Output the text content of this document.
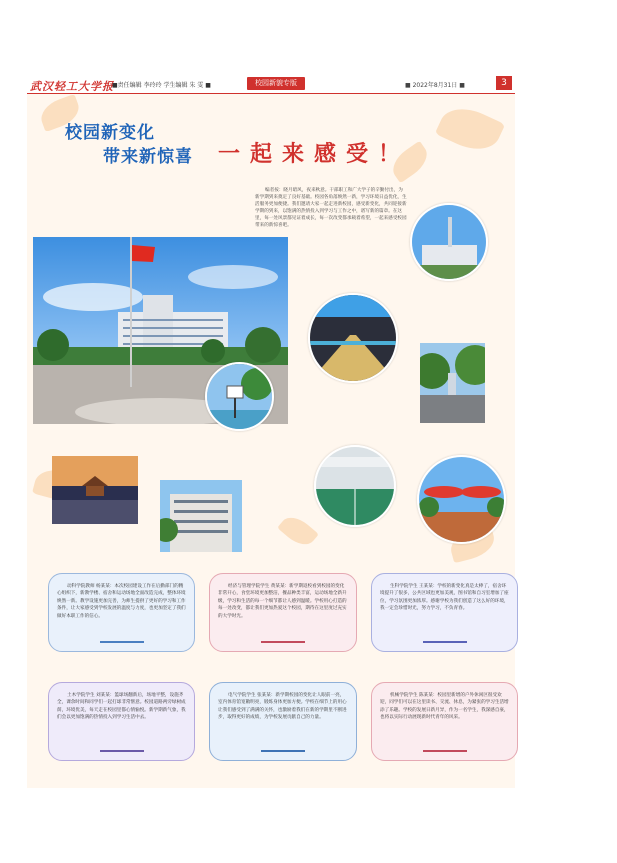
武汉轻工大学报
■责任编辑 李玲玲 学生编辑 朱 雯 ■	校园新貌专版	■ 2022年8月31日 ■	3
校园新变化
带来新惊喜 一起来感受！
编者按：晓月暗风，夜来秋意。干部职工和广大学子的辛勤付出，为新学期到来奠定了良好基础。校园各角落焕然一新，学习环境日益优化，生活服务更加便捷。我们邀请大家一起走进新校园，感受新变化，共同迎接新学期的到来，以饱满的热情投入到学习与工作之中，谱写新的篇章。在这里，每一处风景都见证着成长，每一次改变都承载着希望，一起来感受校园带来的新惊喜吧。

动科学院教师 杨某某：本次校园建设工作在后勤部门的精心组织下，新教学楼、宿舍和运动场地全面改造完成，整体环境焕然一新。教学设施更加完善，为师生提供了更好的学习和工作条件，让大家感受到学校发展的温度与力度，也更加坚定了我们做好本职工作的信心。

经济与管理学院学生 黄某某：新学期返校看到校园的变化非常开心，食堂环境更加整洁，餐品种类丰富，运动场地全新升级，学习和生活的每一个细节都让人感到温暖。学校用心打造的每一处改变，都让我们更加热爱这个校园，期待在这里度过充实的大学时光。

生科学院学生 王某某：学校的新变化真是太棒了，宿舍环境提升了很多，公共区域也更加美观，图书馆和自习室增加了座位，学习氛围更加浓厚。感谢学校为我们创造了这么好的环境，我一定会珍惜时光，努力学习，不负青春。

土木学院学生 刘某某：篮球场翻新后，场地平整，设施齐全，课余时间和同学们一起打球非常惬意。校园道路两旁绿树成荫，环境优美，每天走在校园里都心情愉悦。新学期新气象，我们会以更加饱满的热情投入到学习生活中去。

电气学院学生 张某某：新学期校园的变化让人眼前一亮，室内体育馆宽敞明亮，锻炼身体更加方便。学校在细节上的用心让我们感受到了满满的关怀，也激励着我们在新的学期里不断进步，取得更好的成绩，为学校发展贡献自己的力量。

机械学院学生 陈某某：校园里新增的户外休闲区很受欢迎，同学们可以在这里读书、交流、休息，为紧张的学习生活增添了乐趣。学校的发展日新月异，作为一名学生，我深感自豪，也将以实际行动展现新时代青年的风采。
